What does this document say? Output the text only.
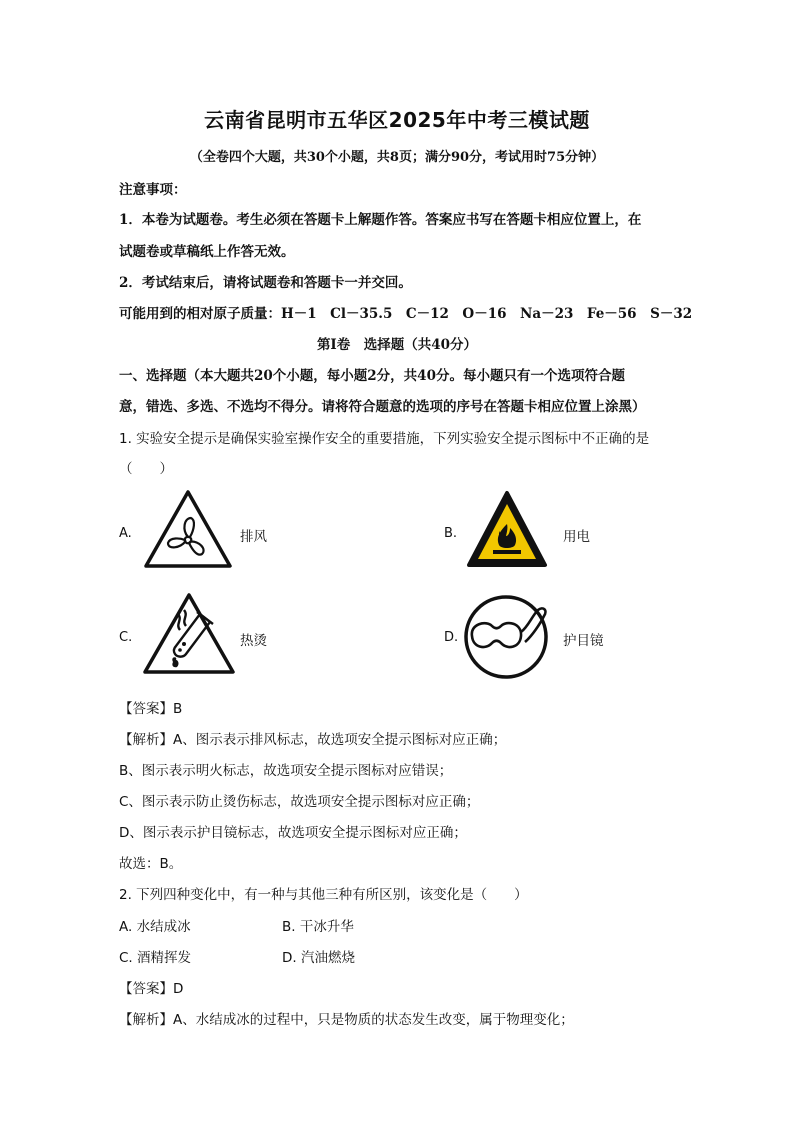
云南省昆明市五华区2025年中考三模试题
（全卷四个大题，共30个小题，共8页；满分90分，考试用时75分钟）
注意事项：
1．本卷为试题卷。考生必须在答题卡上解题作答。答案应书写在答题卡相应位置上，在
试题卷或草稿纸上作答无效。
2．考试结束后，请将试题卷和答题卡一并交回。
可能用到的相对原子质量：H－1　Cl－35.5　C－12　O－16　Na－23　Fe－56　S－32
第Ⅰ卷　选择题（共40分）
一、选择题（本大题共20个小题，每小题2分，共40分。每小题只有一个选项符合题
意，错选、多选、不选均不得分。请将符合题意的选项的序号在答题卡相应位置上涂黑）
1. 实验安全提示是确保实验室操作安全的重要措施，下列实验安全提示图标中不正确的是
（　　）
A.	排风	B.	用电
C.	热烫	D.	护目镜
【答案】B
【解析】A、图示表示排风标志，故选项安全提示图标对应正确；
B、图示表示明火标志，故选项安全提示图标对应错误；
C、图示表示防止烫伤标志，故选项安全提示图标对应正确；
D、图示表示护目镜标志，故选项安全提示图标对应正确；
故选：B。
2. 下列四种变化中，有一种与其他三种有所区别，该变化是（　　）
A. 水结成冰	B. 干冰升华
C. 酒精挥发	D. 汽油燃烧
【答案】D
【解析】A、水结成冰的过程中，只是物质的状态发生改变，属于物理变化；
